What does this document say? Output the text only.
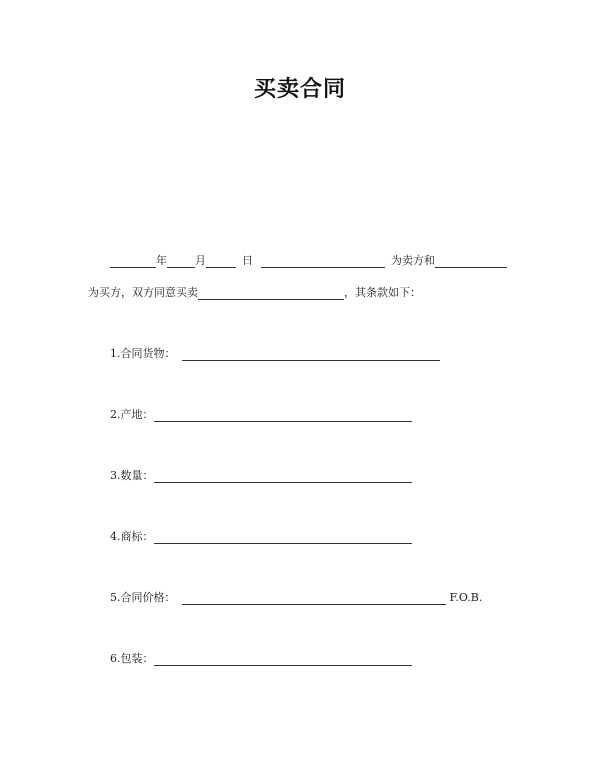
买卖合同
年	月	日	为卖方和
为买方，双方同意买卖	，其条款如下：
1.合同货物：
2.产地：
3.数量：
4.商标：
5.合同价格：	F.O.B.
6.包装：
